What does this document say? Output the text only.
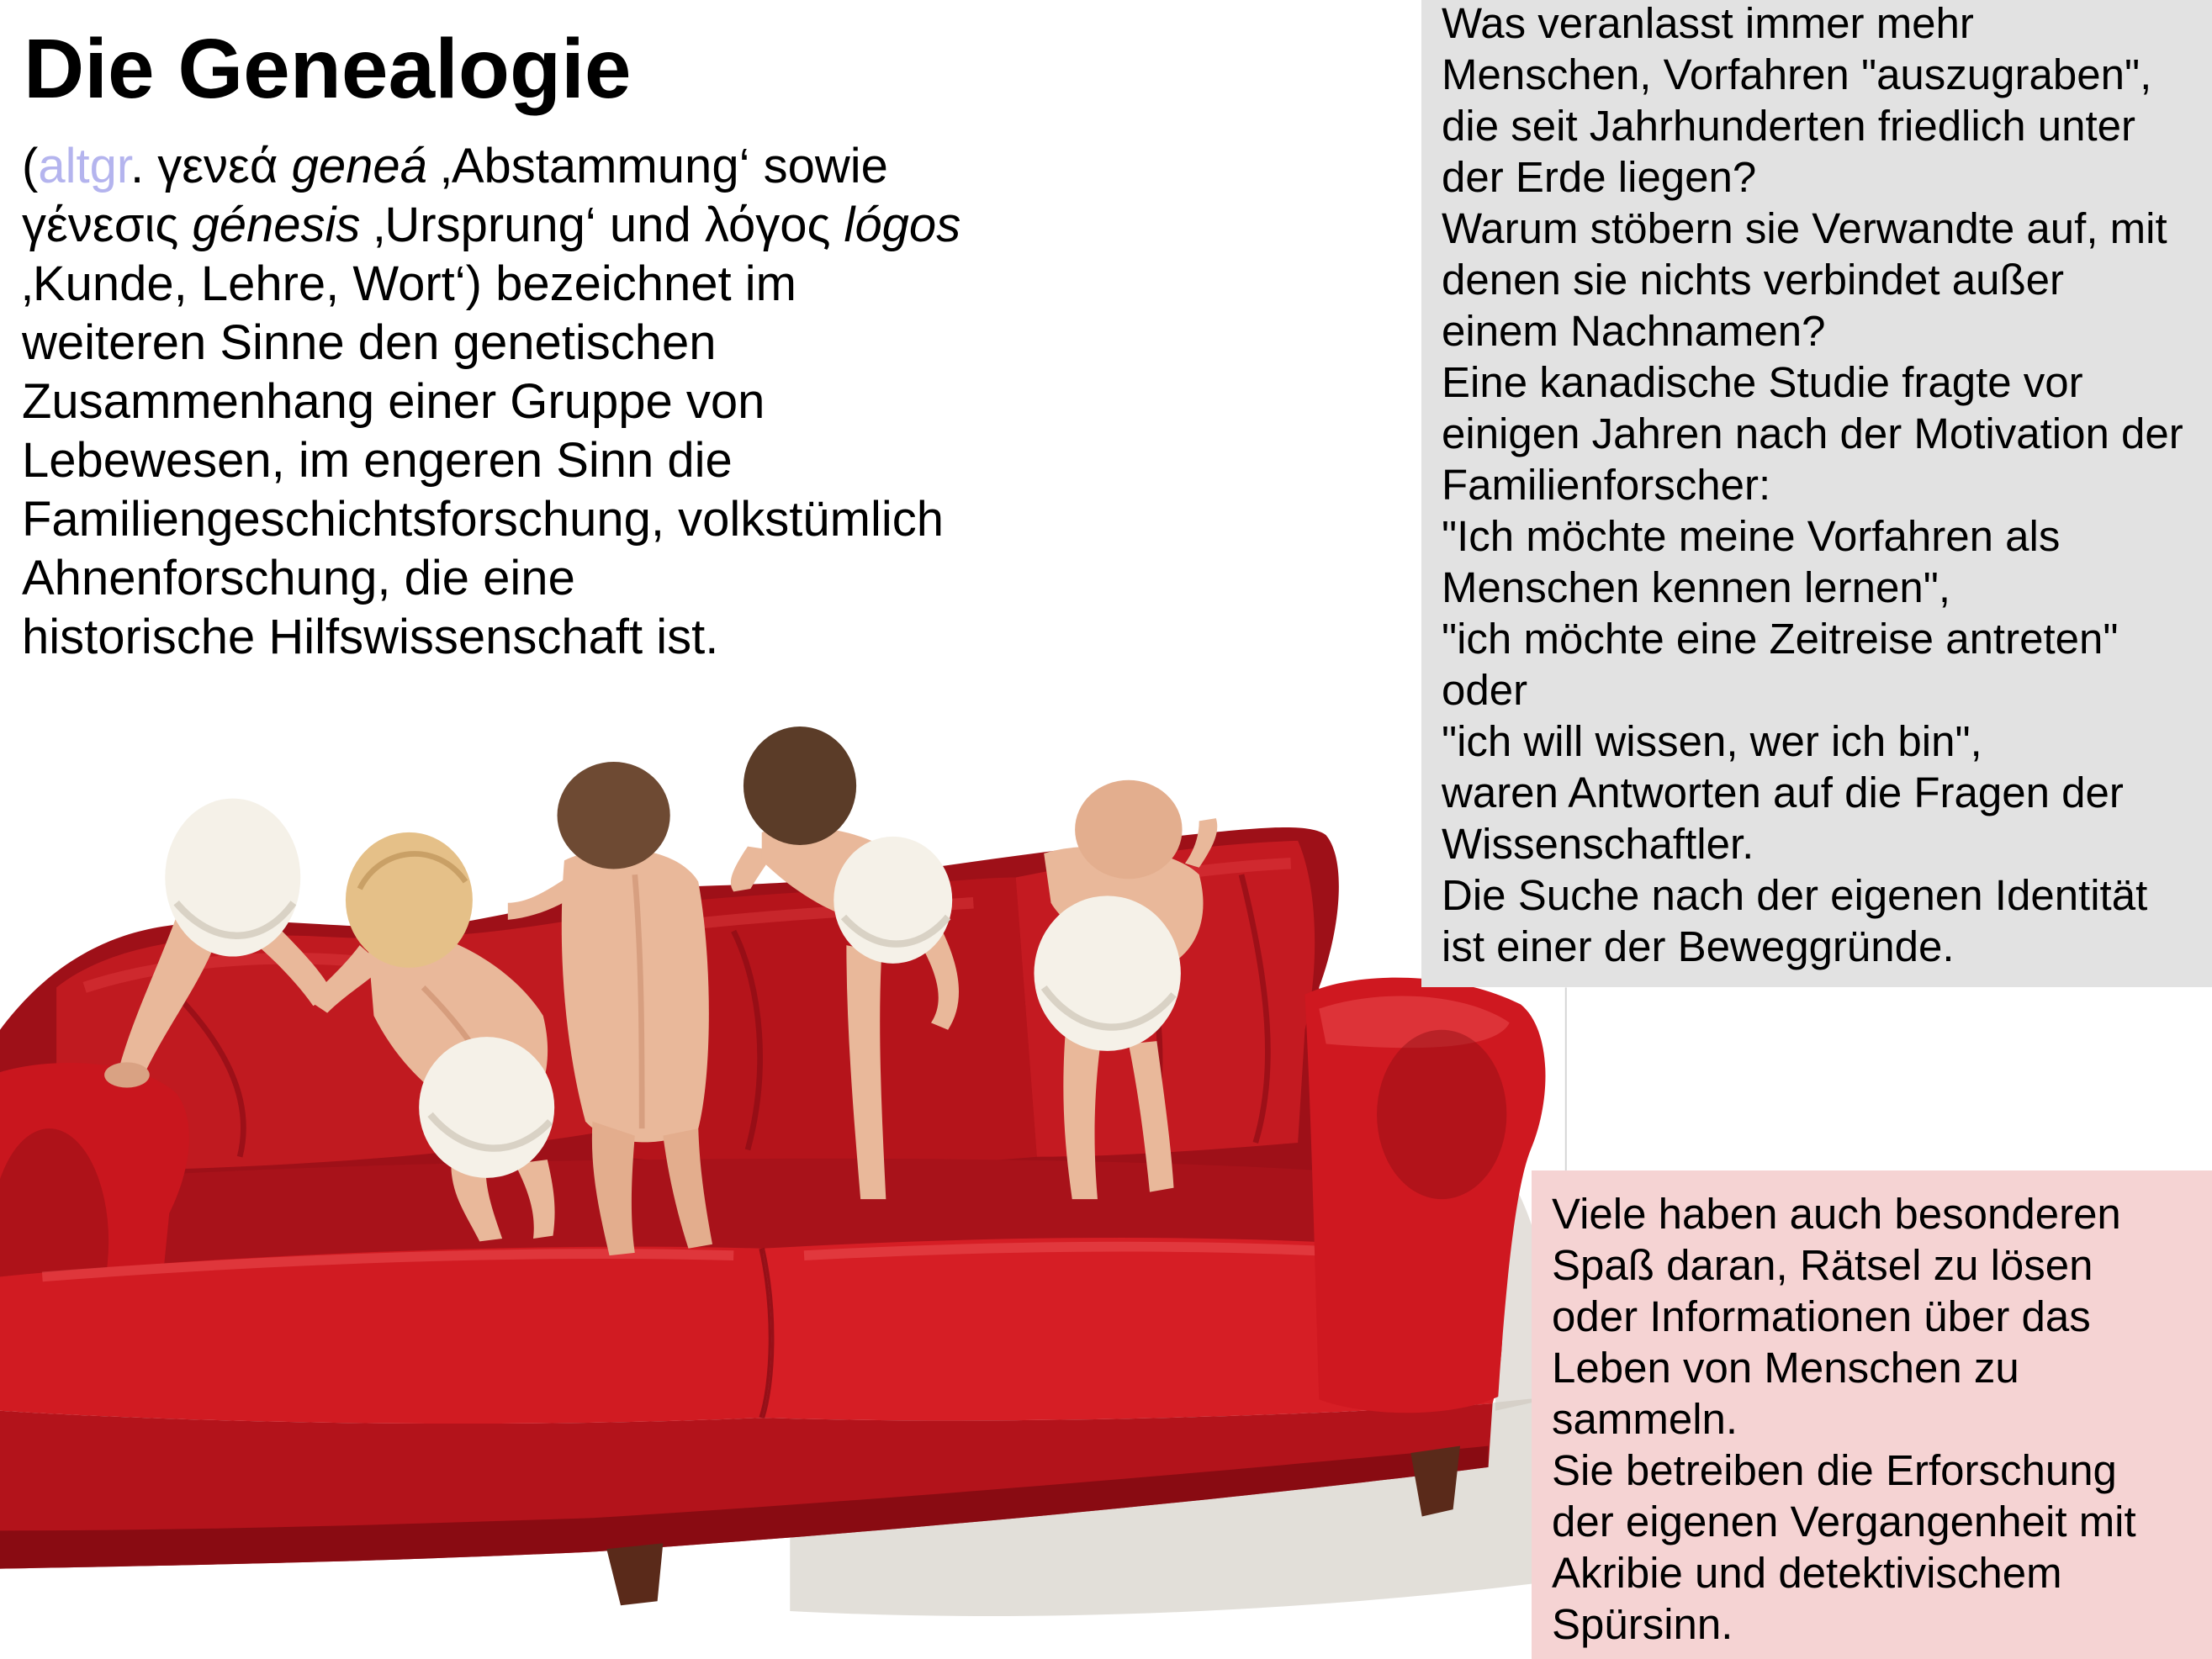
Die Genealogie
(altgr. γενεά geneá ‚Abstammung‘ sowie
γένεσις génesis ‚Ursprung‘ und λόγος lógos
‚Kunde, Lehre, Wort‘) bezeichnet im
weiteren Sinne den genetischen
Zusammenhang einer Gruppe von
Lebewesen, im engeren Sinn die
Familiengeschichtsforschung, volkstümlich
Ahnenforschung, die eine
historische Hilfswissenschaft ist.
Was veranlasst immer mehr
Menschen, Vorfahren "auszugraben",
die seit Jahrhunderten friedlich unter
der Erde liegen?
Warum stöbern sie Verwandte auf, mit
denen sie nichts verbindet außer
einem Nachnamen?
Eine kanadische Studie fragte vor
einigen Jahren nach der Motivation der
Familienforscher:
"Ich möchte meine Vorfahren als
Menschen kennen lernen",
"ich möchte eine Zeitreise antreten"
oder
"ich will wissen, wer ich bin",
waren Antworten auf die Fragen der
Wissenschaftler.
Die Suche nach der eigenen Identität
ist einer der Beweggründe.
Viele haben auch besonderen
Spaß daran, Rätsel zu lösen
oder Informationen über das
Leben von Menschen zu
sammeln.
Sie betreiben die Erforschung
der eigenen Vergangenheit mit
Akribie und detektivischem
Spürsinn.
